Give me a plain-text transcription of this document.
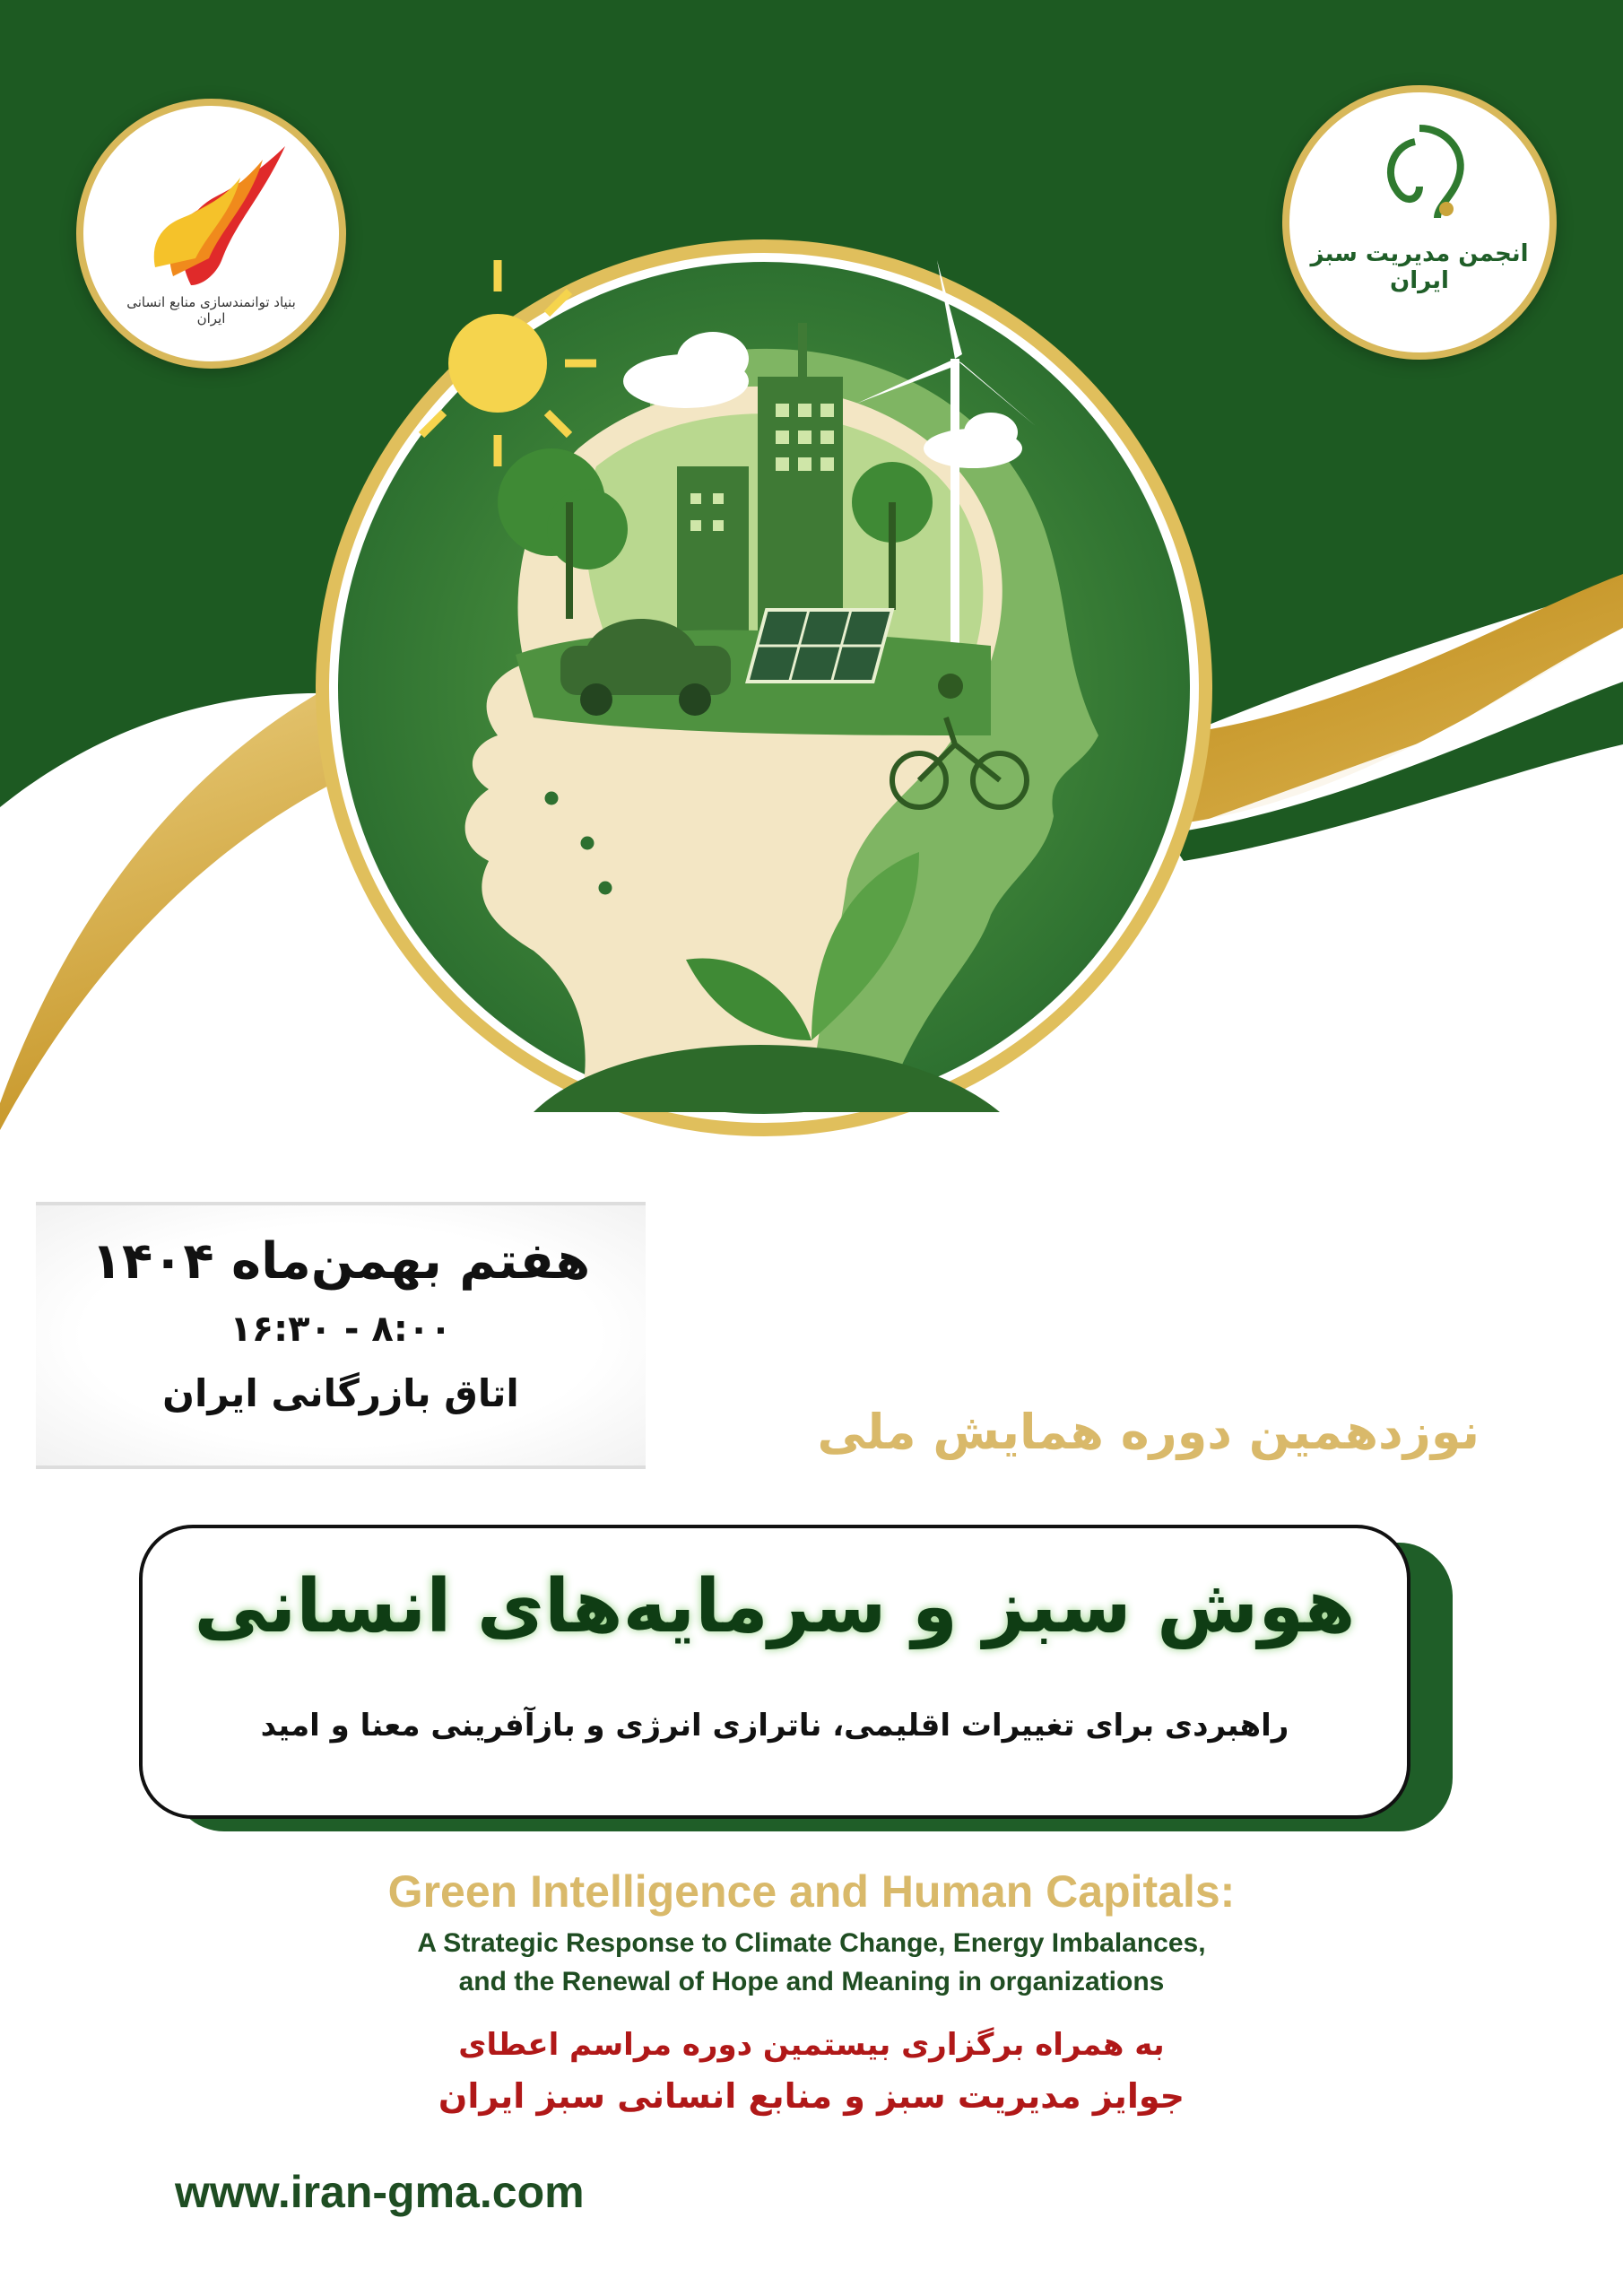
بنیاد توانمندسازی منابع انسانی ایران
انجمن مدیریت سبز ایران
هفتم بهمن‌ماه ۱۴۰۴
۸:۰۰ - ۱۶:۳۰
اتاق بازرگانی ایران
نوزدهمین دوره همایش ملی
هوش سبز و سرمایه‌های انسانی
راهبردی برای تغییرات اقلیمی، ناترازی انرژی و بازآفرینی معنا و امید
Green Intelligence and Human Capitals:
A Strategic Response to Climate Change, Energy Imbalances,
and the Renewal of Hope and Meaning in organizations
به همراه برگزاری بیستمین دوره مراسم اعطای
جوایز مدیریت سبز و منابع انسانی سبز ایران
www.iran-gma.com
